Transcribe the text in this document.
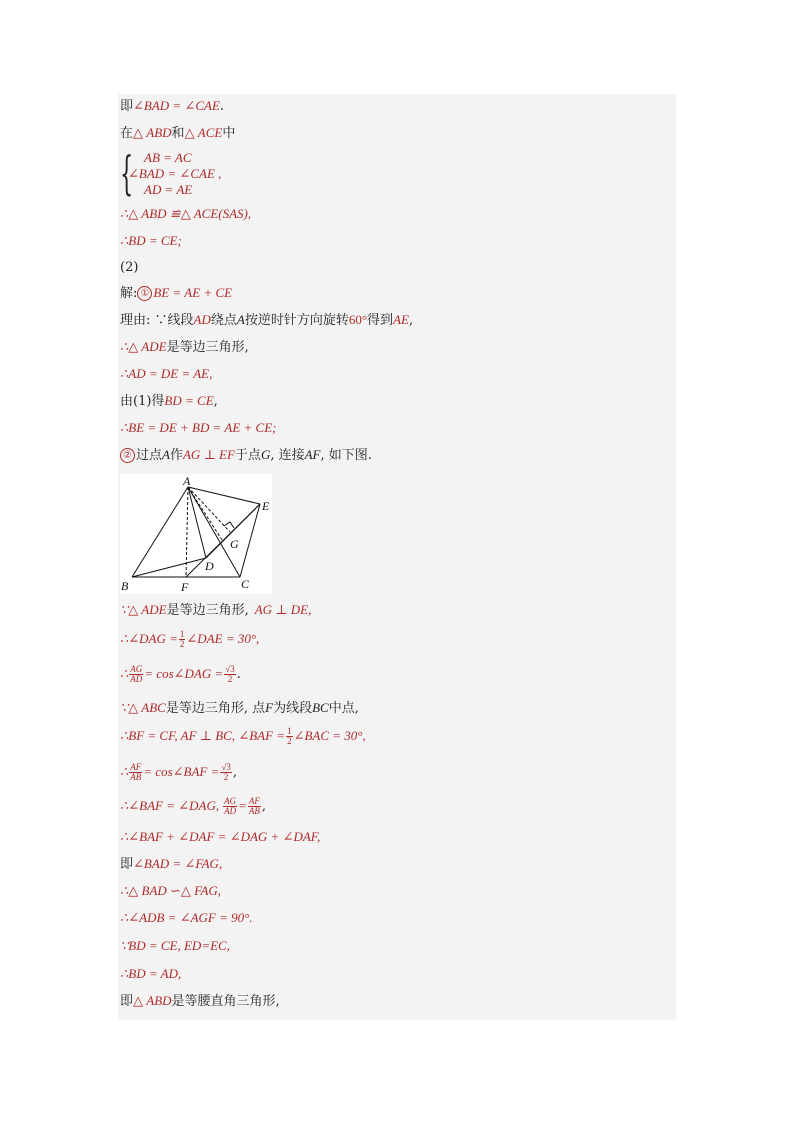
即∠BAD = ∠CAE.
在△ ABD和△ ACE中
{ AB = AC
∠BAD = ∠CAE ,
AD = AE
∴△ ABD ≌△ ACE(SAS),
∴BD = CE;
(2)
解: ① BE = AE + CE
理由: ∵线段AD绕点A按逆时针方向旋转60°得到AE,
∴△ ADE是等边三角形,
∴AD = DE = AE,
由(1)得BD = CE,
∴BE = DE + BD = AE + CE;
② 过点A作AG ⊥ EF于点G, 连接AF, 如下图.
A
E
G
D
B	F	C
∵△ ADE是等边三角形, AG ⊥ DE,
∴∠DAG = $\frac{1}{2}$ ∠DAE = 30°,
∴ $\frac{AG}{AD}$ = cos∠DAG = $\frac{√3}{2}$ .
∵△ ABC是等边三角形, 点F为线段BC中点,
∴BF = CF, AF ⊥ BC, ∠BAF = $\frac{1}{2}$ ∠BAC = 30°,
∴ $\frac{AF}{AB}$ = cos∠BAF = $\frac{√3}{2}$ ,
∴∠BAF = ∠DAG, $\frac{AG}{AD} = \frac{AF}{AB}$ ,
∴∠BAF + ∠DAF = ∠DAG + ∠DAF,
即∠BAD = ∠FAG,
∴△ BAD ∽△ FAG,
∴∠ADB = ∠AGF = 90°.
∵BD = CE, ED=EC,
∴BD = AD,
即△ ABD是等腰直角三角形,
